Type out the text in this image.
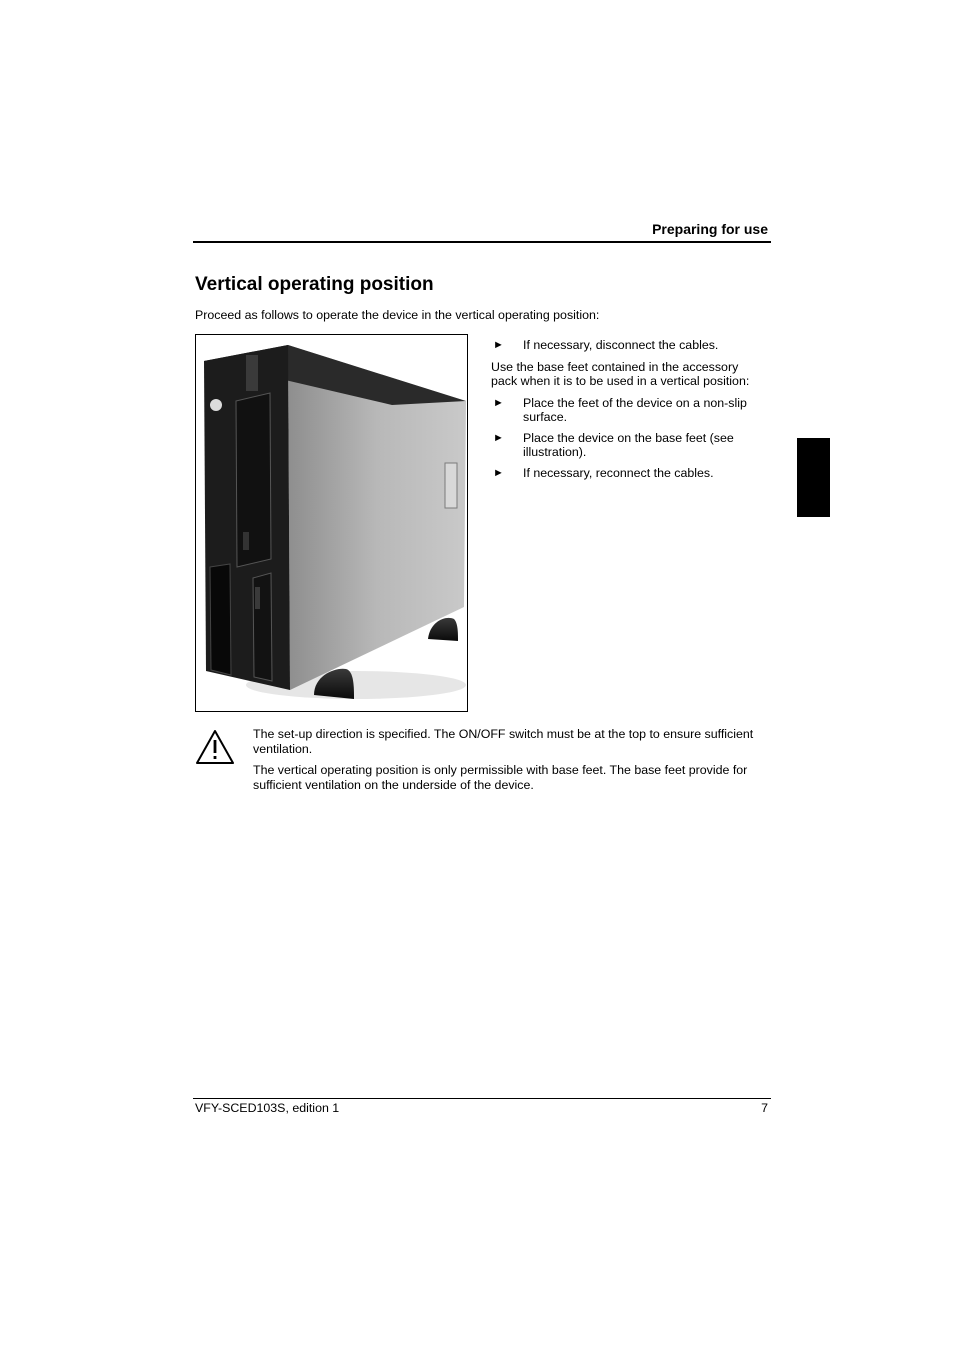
Preparing for use
Vertical operating position
Proceed as follows to operate the device in the vertical operating position:
► If necessary, disconnect the cables.

Use the base feet contained in the accessory pack when it is to be used in a vertical position:

► Place the feet of the device on a non-slip surface.
► Place the device on the base feet (see illustration).
► If necessary, reconnect the cables.

The set-up direction is specified. The ON/OFF switch must be at the top to ensure sufficient ventilation.

The vertical operating position is only permissible with base feet. The base feet provide for sufficient ventilation on the underside of the device.

VFY-SCED103S, edition 1	7
